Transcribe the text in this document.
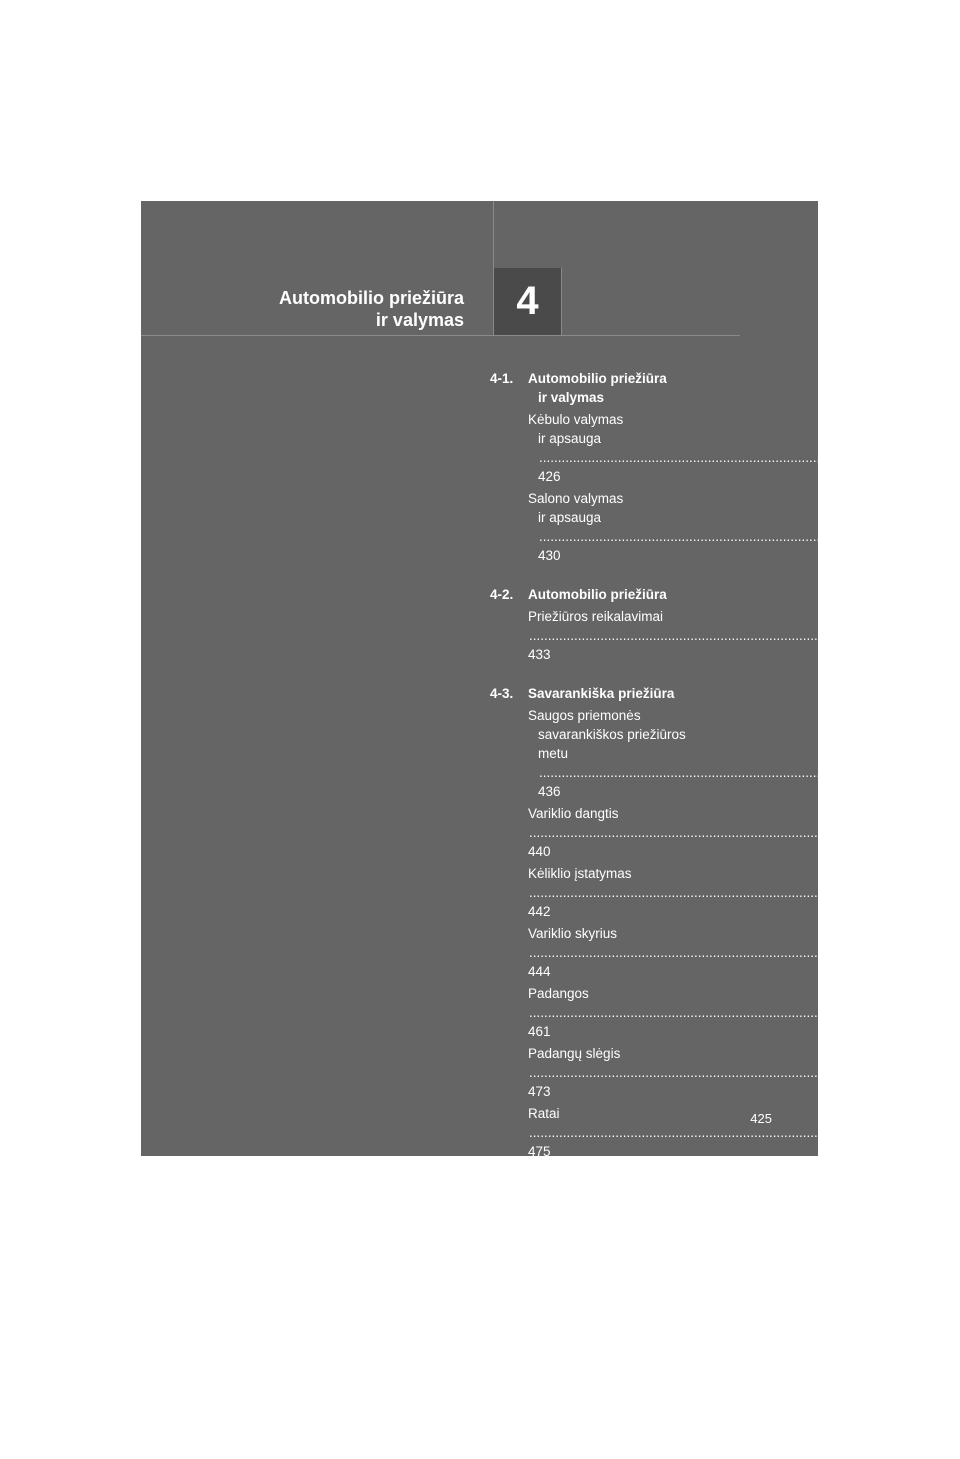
Automobilio priežiūra
ir valymas	4
4-1.	Automobilio priežiūra
ir valymas
Kėbulo valymas
ir apsauga ..... 426
Salono valymas
ir apsauga ..... 430
4-2.	Automobilio priežiūra
Priežiūros reikalavimai ..... 433
4-3.	Savarankiška priežiūra
Saugos priemonės
savarankiškos priežiūros
metu ..... 436
Variklio dangtis ..... 440
Kėliklio įstatymas ..... 442
Variklio skyrius ..... 444
Padangos ..... 461
Padangų slėgis ..... 473
Ratai ..... 475
Oro kondicionieriaus
filtras ..... 478
Raktelio baterija ..... 481
Saugiklių tikrinimas ir
keitimas ..... 485
Lemputės ..... 500
425
